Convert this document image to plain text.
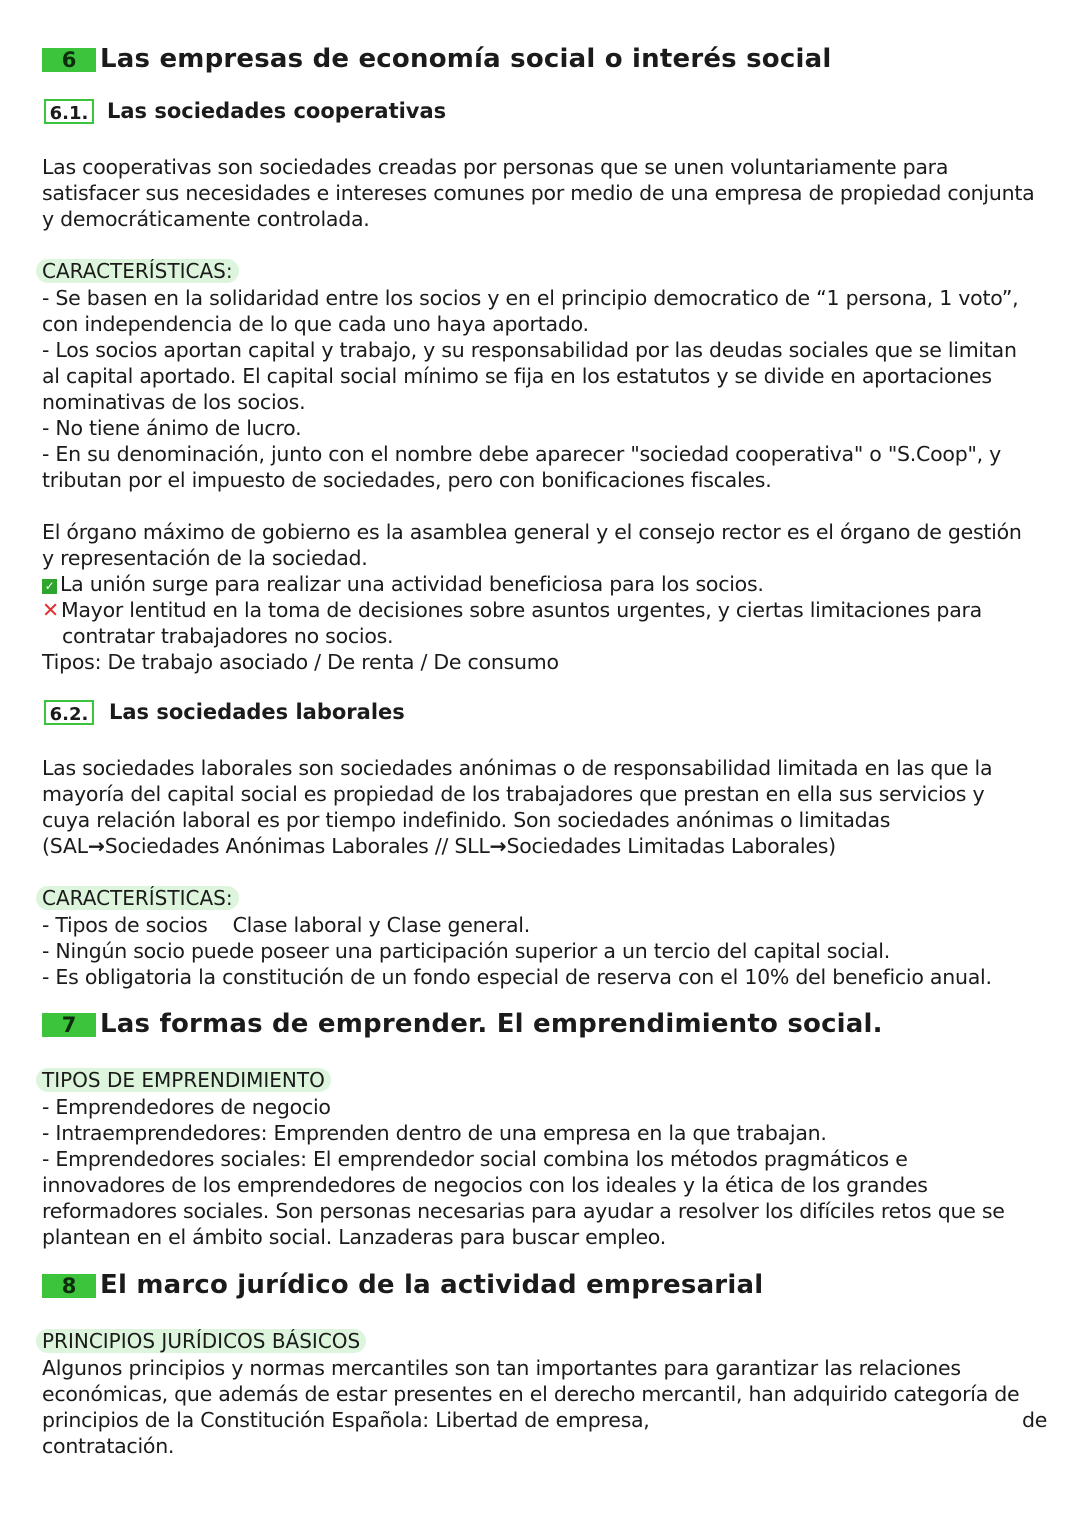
6 Las empresas de economía social o interés social
6.1. Las sociedades cooperativas
Las cooperativas son sociedades creadas por personas que se unen voluntariamente para
satisfacer sus necesidades e intereses comunes por medio de una empresa de propiedad conjunta
y democráticamente controlada.
CARACTERÍSTICAS:
- Se basen en la solidaridad entre los socios y en el principio democratico de “1 persona, 1 voto”,
con independencia de lo que cada uno haya aportado.
- Los socios aportan capital y trabajo, y su responsabilidad por las deudas sociales que se limitan
al capital aportado. El capital social mínimo se fija en los estatutos y se divide en aportaciones
nominativas de los socios.
- No tiene ánimo de lucro.
- En su denominación, junto con el nombre debe aparecer "sociedad cooperativa" o "S.Coop", y
tributan por el impuesto de sociedades, pero con bonificaciones fiscales.
El órgano máximo de gobierno es la asamblea general y el consejo rector es el órgano de gestión
y representación de la sociedad.
✓ La unión surge para realizar una actividad beneficiosa para los socios.
✕Mayor lentitud en la toma de decisiones sobre asuntos urgentes, y ciertas limitaciones para
contratar trabajadores no socios.
Tipos: De trabajo asociado / De renta / De consumo
6.2. Las sociedades laborales
Las sociedades laborales son sociedades anónimas o de responsabilidad limitada en las que la
mayoría del capital social es propiedad de los trabajadores que prestan en ella sus servicios y
cuya relación laboral es por tiempo indefinido. Son sociedades anónimas o limitadas
(SAL→Sociedades Anónimas Laborales // SLL→Sociedades Limitadas Laborales)
CARACTERÍSTICAS:
- Tipos de socios    Clase laboral y Clase general.
- Ningún socio puede poseer una participación superior a un tercio del capital social.
- Es obligatoria la constitución de un fondo especial de reserva con el 10% del beneficio anual.
7 Las formas de emprender. El emprendimiento social.
TIPOS DE EMPRENDIMIENTO
- Emprendedores de negocio
- Intraemprendedores: Emprenden dentro de una empresa en la que trabajan.
- Emprendedores sociales: El emprendedor social combina los métodos pragmáticos e
innovadores de los emprendedores de negocios con los ideales y la ética de los grandes
reformadores sociales. Son personas necesarias para ayudar a resolver los difíciles retos que se
plantean en el ámbito social. Lanzaderas para buscar empleo.
8 El marco jurídico de la actividad empresarial
PRINCIPIOS JURÍDICOS BÁSICOS
Algunos principios y normas mercantiles son tan importantes para garantizar las relaciones
económicas, que además de estar presentes en el derecho mercantil, han adquirido categoría de
principios de la Constitución Española: Libertad de empresa,	de
contratación.
